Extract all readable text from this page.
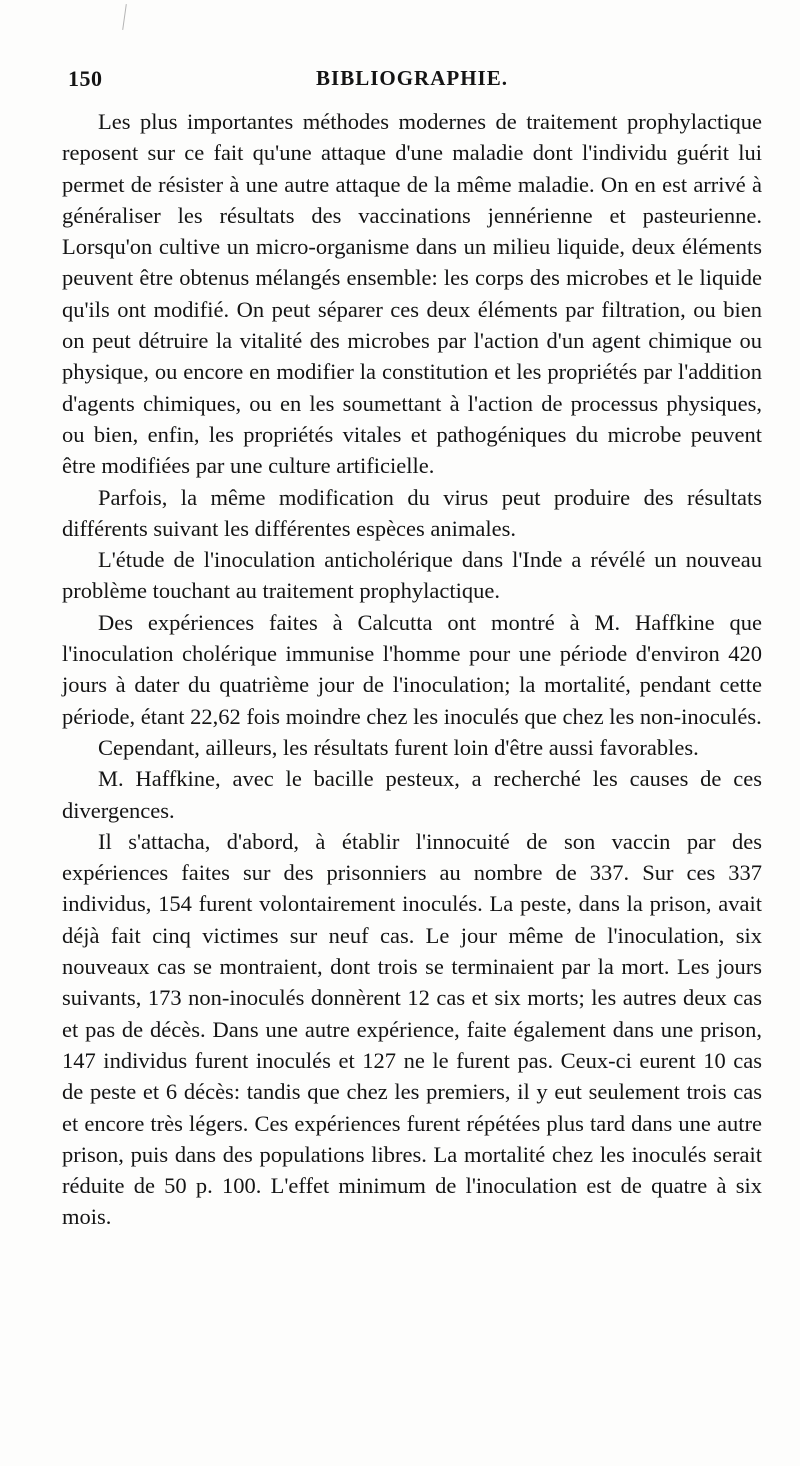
150	BIBLIOGRAPHIE.

Les plus importantes méthodes modernes de traitement prophylactique reposent sur ce fait qu'une attaque d'une maladie dont l'individu guérit lui permet de résister à une autre attaque de la même maladie. On en est arrivé à généraliser les résultats des vaccinations jennérienne et pasteurienne. Lorsqu'on cultive un micro-organisme dans un milieu liquide, deux éléments peuvent être obtenus mélangés ensemble: les corps des microbes et le liquide qu'ils ont modifié. On peut séparer ces deux éléments par filtration, ou bien on peut détruire la vitalité des microbes par l'action d'un agent chimique ou physique, ou encore en modifier la constitution et les propriétés par l'addition d'agents chimiques, ou en les soumettant à l'action de processus physiques, ou bien, enfin, les propriétés vitales et pathogéniques du microbe peuvent être modifiées par une culture artificielle.

Parfois, la même modification du virus peut produire des résultats différents suivant les différentes espèces animales.

L'étude de l'inoculation anticholérique dans l'Inde a révélé un nouveau problème touchant au traitement prophylactique.

Des expériences faites à Calcutta ont montré à M. Haffkine que l'inoculation cholérique immunise l'homme pour une période d'environ 420 jours à dater du quatrième jour de l'inoculation; la mortalité, pendant cette période, étant 22,62 fois moindre chez les inoculés que chez les non-inoculés.

Cependant, ailleurs, les résultats furent loin d'être aussi favorables.

M. Haffkine, avec le bacille pesteux, a recherché les causes de ces divergences.

Il s'attacha, d'abord, à établir l'innocuité de son vaccin par des expériences faites sur des prisonniers au nombre de 337. Sur ces 337 individus, 154 furent volontairement inoculés. La peste, dans la prison, avait déjà fait cinq victimes sur neuf cas. Le jour même de l'inoculation, six nouveaux cas se montraient, dont trois se terminaient par la mort. Les jours suivants, 173 non-inoculés donnèrent 12 cas et six morts; les autres deux cas et pas de décès. Dans une autre expérience, faite également dans une prison, 147 individus furent inoculés et 127 ne le furent pas. Ceux-ci eurent 10 cas de peste et 6 décès: tandis que chez les premiers, il y eut seulement trois cas et encore très légers. Ces expériences furent répétées plus tard dans une autre prison, puis dans des populations libres. La mortalité chez les inoculés serait réduite de 50 p. 100. L'effet minimum de l'inoculation est de quatre à six mois.
